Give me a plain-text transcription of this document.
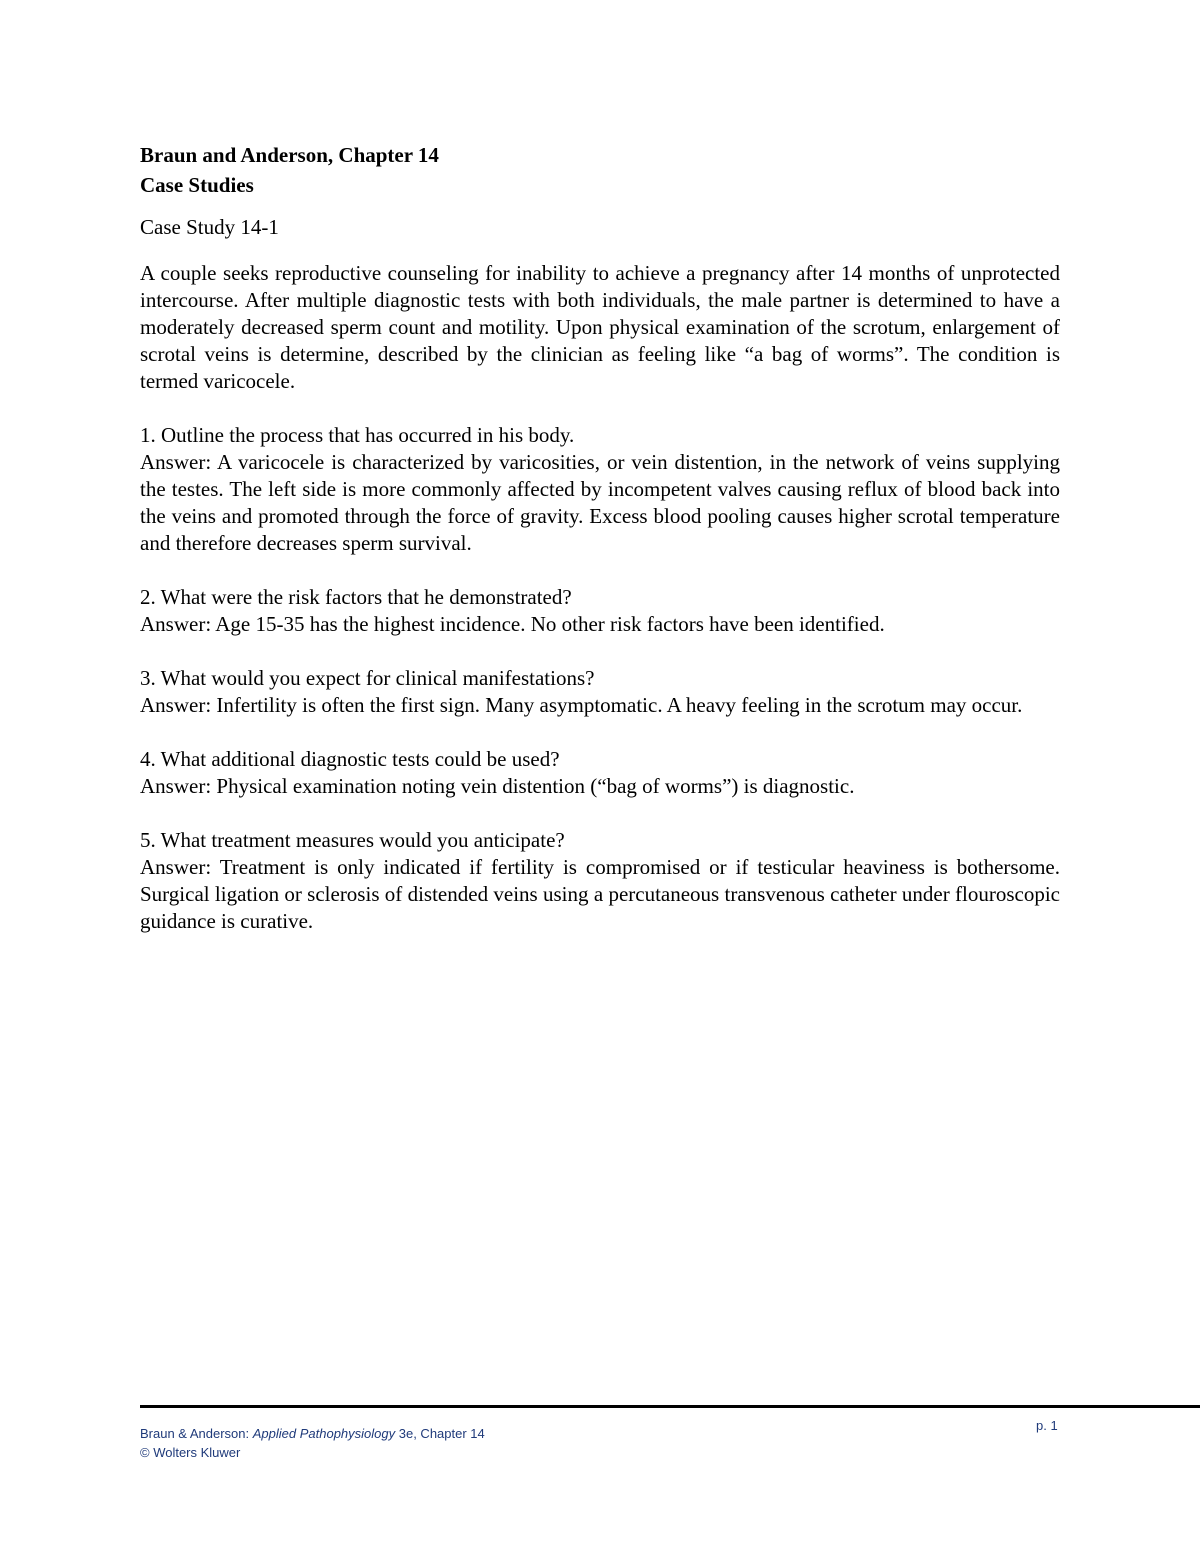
Braun and Anderson, Chapter 14

Case Studies

Case Study 14-1

A couple seeks reproductive counseling for inability to achieve a pregnancy after 14 months of unprotected intercourse. After multiple diagnostic tests with both individuals, the male partner is determined to have a moderately decreased sperm count and motility. Upon physical examination of the scrotum, enlargement of scrotal veins is determine, described by the clinician as feeling like “a bag of worms”. The condition is termed varicocele.

1. Outline the process that has occurred in his body.

Answer: A varicocele is characterized by varicosities, or vein distention, in the network of veins supplying the testes. The left side is more commonly affected by incompetent valves causing reflux of blood back into the veins and promoted through the force of gravity. Excess blood pooling causes higher scrotal temperature and therefore decreases sperm survival.

2. What were the risk factors that he demonstrated?

Answer: Age 15-35 has the highest incidence. No other risk factors have been identified.

3. What would you expect for clinical manifestations?

Answer: Infertility is often the first sign. Many asymptomatic. A heavy feeling in the scrotum may occur.

4. What additional diagnostic tests could be used?

Answer: Physical examination noting vein distention (“bag of worms”) is diagnostic.

5. What treatment measures would you anticipate?

Answer: Treatment is only indicated if fertility is compromised or if testicular heaviness is bothersome. Surgical ligation or sclerosis of distended veins using a percutaneous transvenous catheter under flouroscopic guidance is curative.

Braun & Anderson: Applied Pathophysiology 3e, Chapter 14
© Wolters Kluwer
p. 1
